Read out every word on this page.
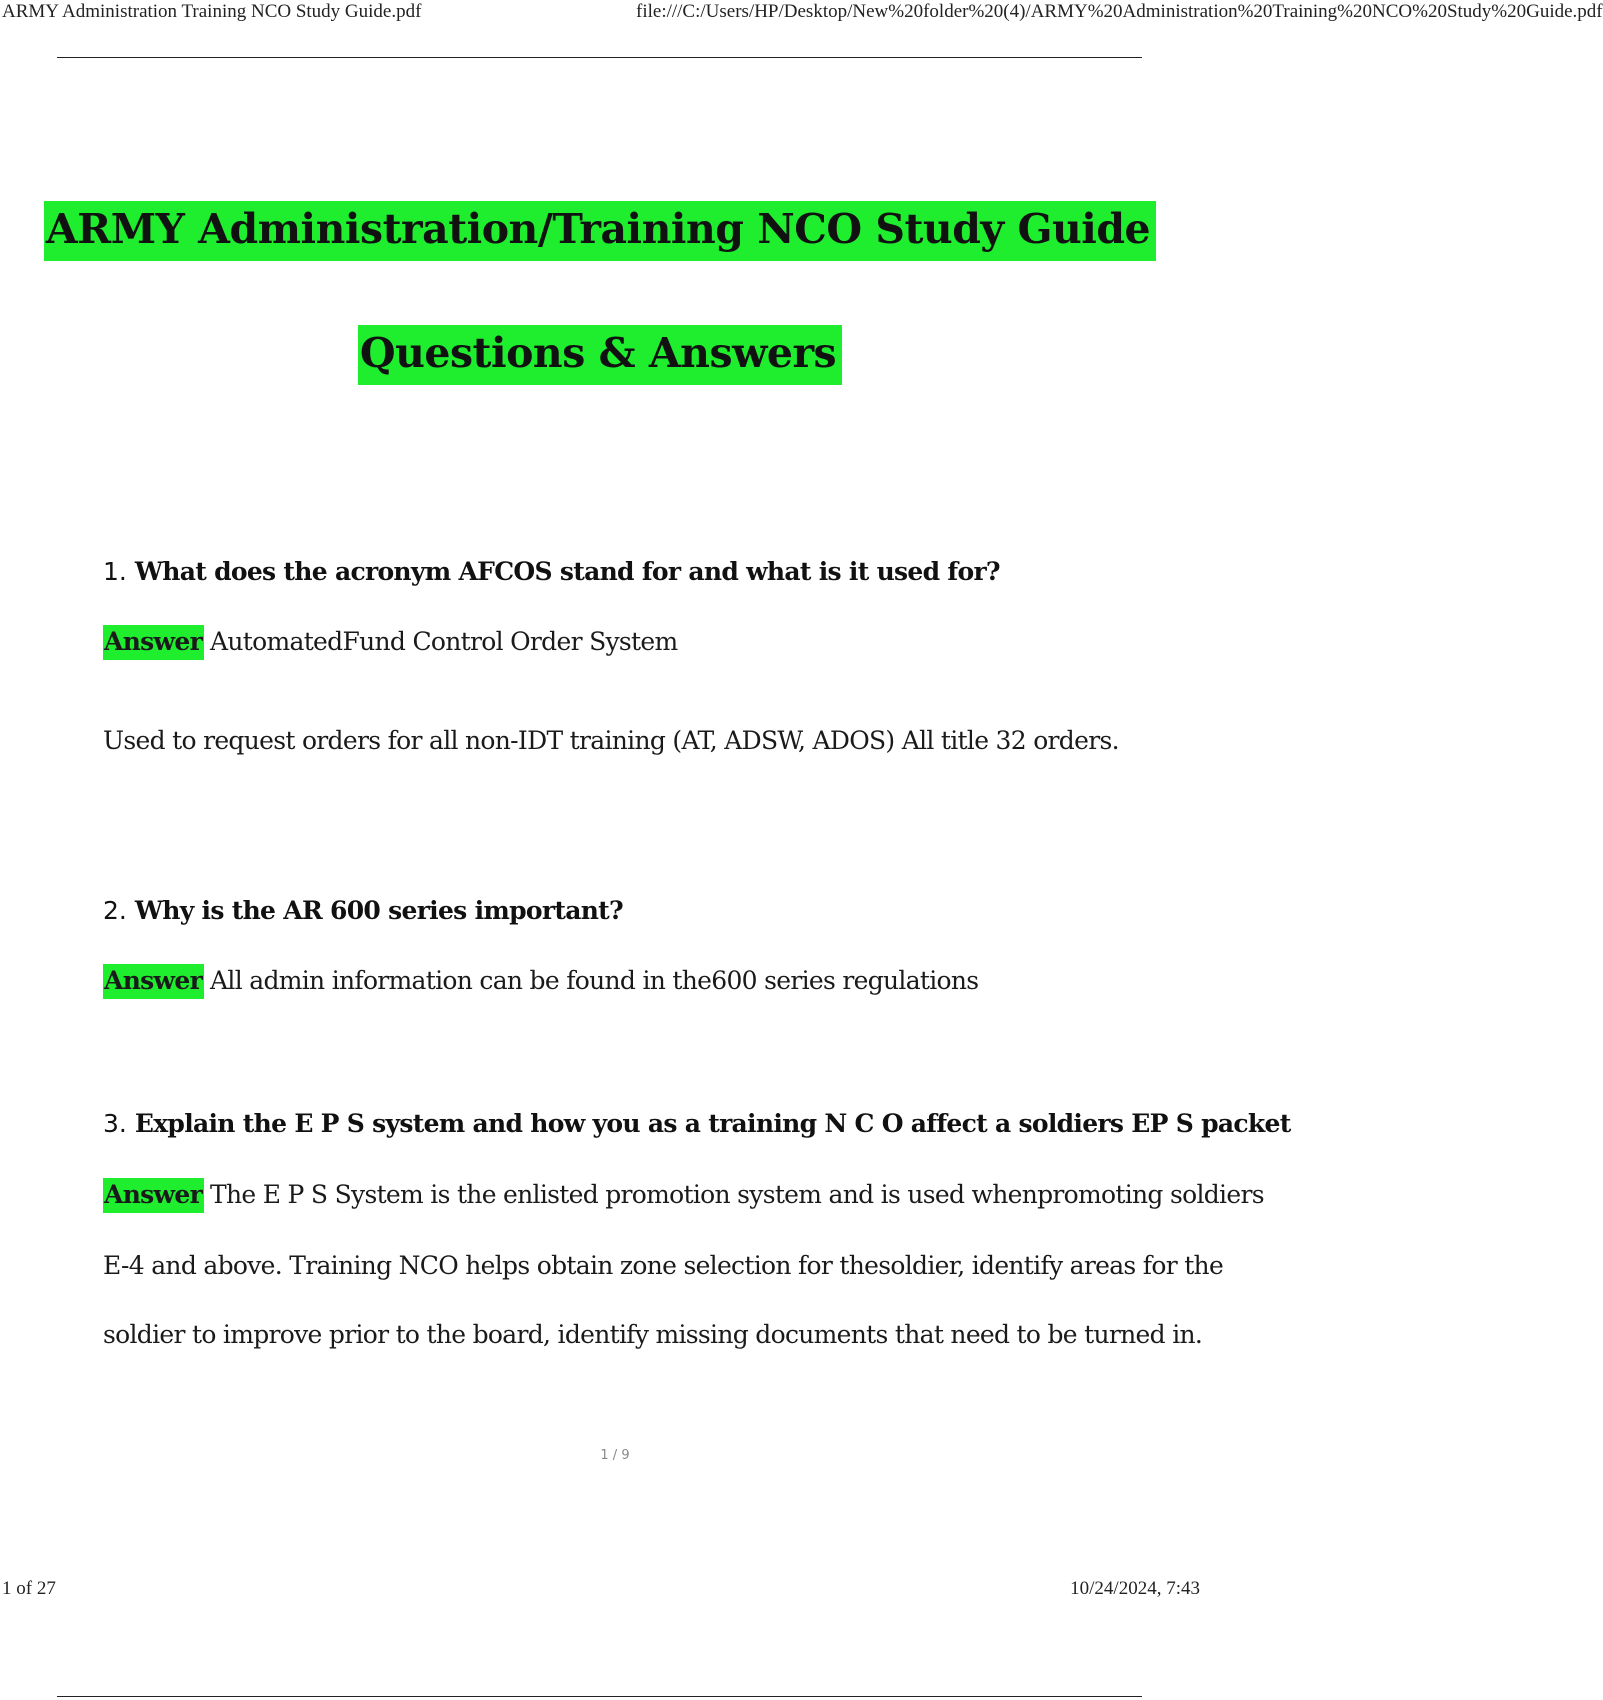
ARMY Administration Training NCO Study Guide.pdf	file:///C:/Users/HP/Desktop/New%20folder%20(4)/ARMY%20Administration%20Training%20NCO%20Study%20Guide.pdf
ARMY Administration/Training NCO Study Guide
Questions & Answers
1. What does the acronym AFCOS stand for and what is it used for?
Answer AutomatedFund Control Order System
Used to request orders for all non-IDT training (AT, ADSW, ADOS) All title 32 orders.
2. Why is the AR 600 series important?
Answer All admin information can be found in the600 series regulations
3. Explain the E P S system and how you as a training N C O affect a soldiers EP S packet
Answer The E P S System is the enlisted promotion system and is used whenpromoting soldiers
E-4 and above. Training NCO helps obtain zone selection for thesoldier, identify areas for the
soldier to improve prior to the board, identify missing documents that need to be turned in.
1 / 9
1 of 27	10/24/2024, 7:43
